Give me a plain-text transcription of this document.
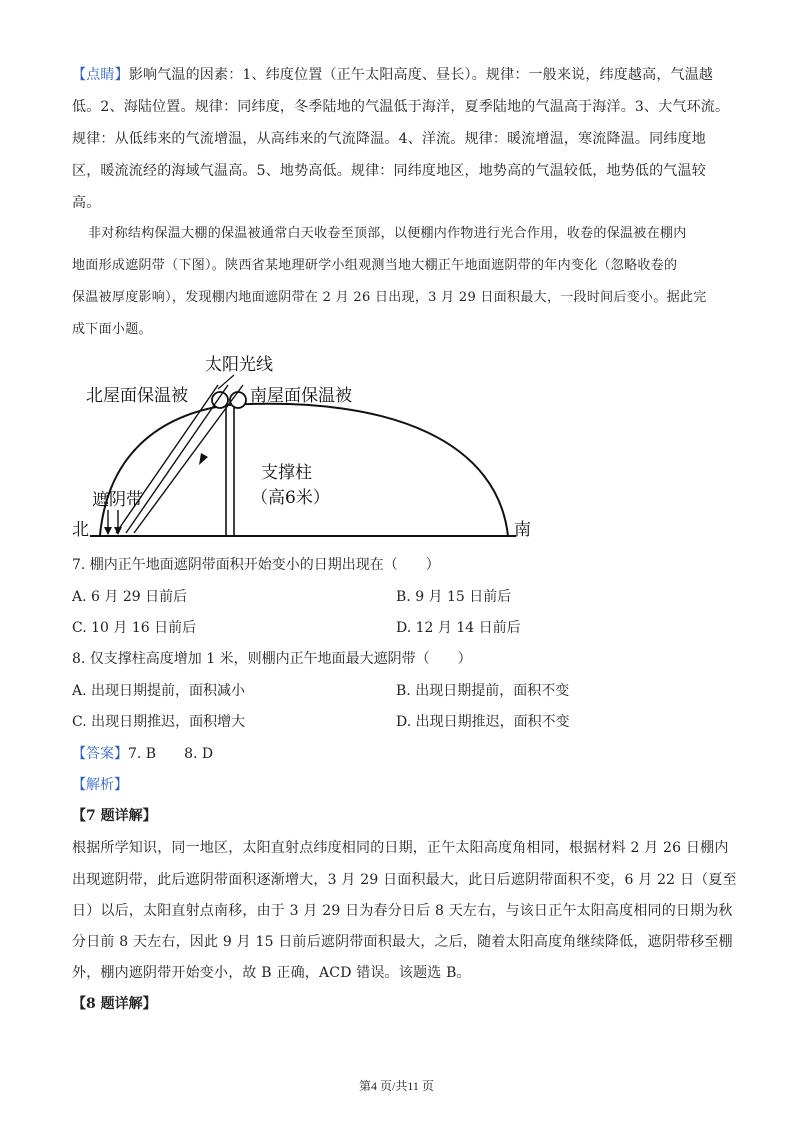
【点睛】影响气温的因素：1、纬度位置（正午太阳高度、昼长）。规律：一般来说，纬度越高，气温越
低。2、海陆位置。规律：同纬度，冬季陆地的气温低于海洋，夏季陆地的气温高于海洋。3、大气环流。
规律：从低纬来的气流增温，从高纬来的气流降温。4、洋流。规律：暖流增温，寒流降温。同纬度地
区，暖流流经的海域气温高。5、地势高低。规律：同纬度地区，地势高的气温较低，地势低的气温较
高。
非对称结构保温大棚的保温被通常白天收卷至顶部，以便棚内作物进行光合作用，收卷的保温被在棚内
地面形成遮阴带（下图）。陕西省某地理研学小组观测当地大棚正午地面遮阴带的年内变化（忽略收卷的
保温被厚度影响），发现棚内地面遮阴带在 2 月 26 日出现，3 月 29 日面积最大，一段时间后变小。据此完
成下面小题。
太阳光线
北屋面保温被	南屋面保温被
支撑柱
（高6米）
遮阴带
北	南
7. 棚内正午地面遮阴带面积开始变小的日期出现在（　　）
A. 6 月 29 日前后	B. 9 月 15 日前后
C. 10 月 16 日前后	D. 12 月 14 日前后
8. 仅支撑柱高度增加 1 米，则棚内正午地面最大遮阴带（　　）
A. 出现日期提前，面积减小	B. 出现日期提前，面积不变
C. 出现日期推迟，面积增大	D. 出现日期推迟，面积不变
【答案】7. B　　8. D
【解析】
【7 题详解】
根据所学知识，同一地区，太阳直射点纬度相同的日期，正午太阳高度角相同，根据材料 2 月 26 日棚内
出现遮阴带，此后遮阴带面积逐渐增大，3 月 29 日面积最大，此日后遮阴带面积不变，6 月 22 日（夏至
日）以后，太阳直射点南移，由于 3 月 29 日为春分日后 8 天左右，与该日正午太阳高度相同的日期为秋
分日前 8 天左右，因此 9 月 15 日前后遮阴带面积最大，之后，随着太阳高度角继续降低，遮阴带移至棚
外，棚内遮阴带开始变小，故 B 正确，ACD 错误。该题选 B。
【8 题详解】
第4 页/共11 页
